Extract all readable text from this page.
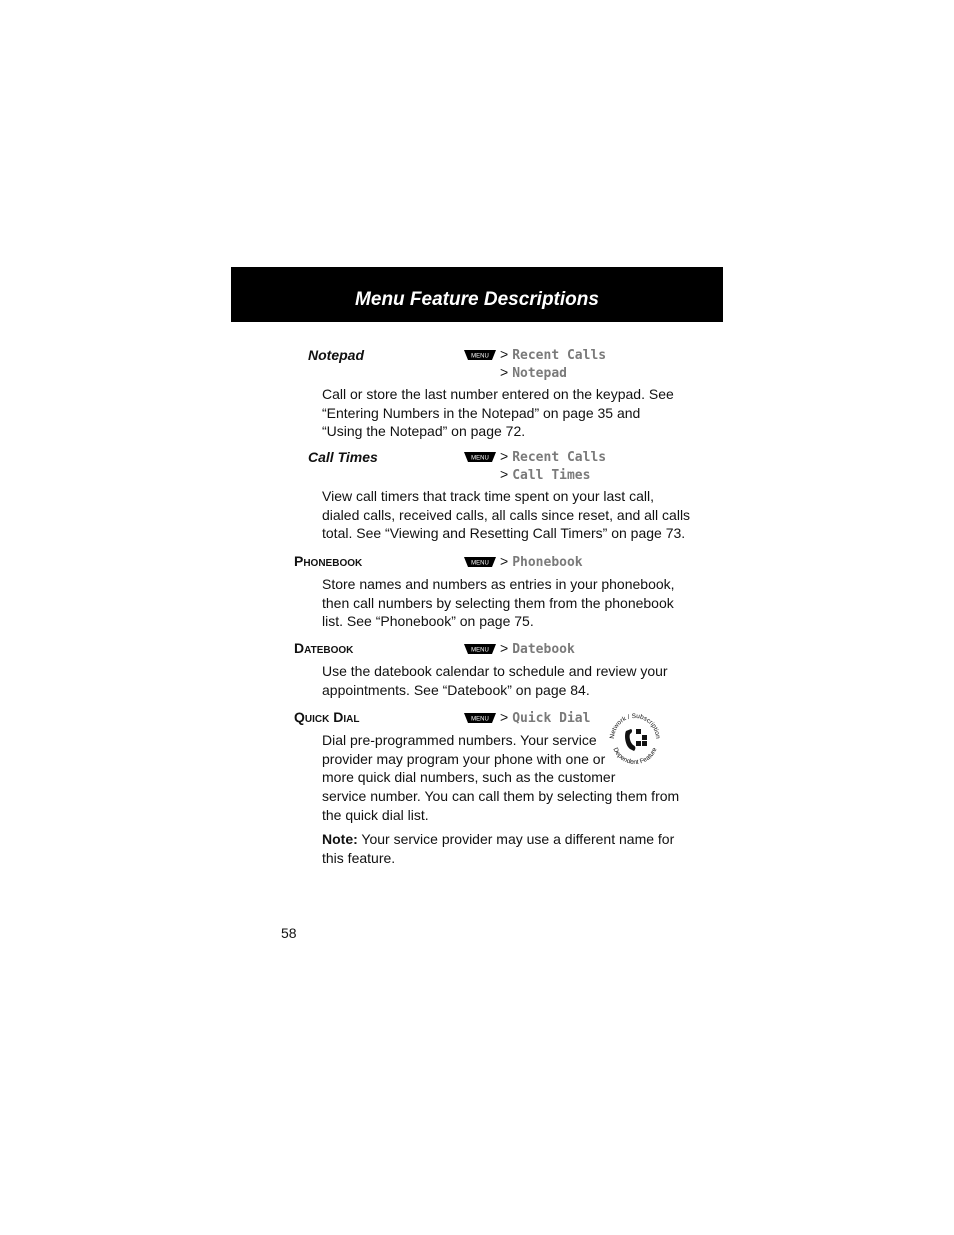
Menu Feature Descriptions
Notepad	MENU > Recent Calls
> Notepad

Call or store the last number entered on the keypad. See

“Entering Numbers in the Notepad” on page 35 and

“Using the Notepad” on page 72.

Call Times	MENU > Recent Calls
> Call Times

View call timers that track time spent on your last call,

dialed calls, received calls, all calls since reset, and all calls

total. See “Viewing and Resetting Call Timers” on page 73.

Phonebook	MENU > Phonebook

Store names and numbers as entries in your phonebook,

then call numbers by selecting them from the phonebook

list. See “Phonebook” on page 75.

Datebook	MENU > Datebook

Use the datebook calendar to schedule and review your

appointments. See “Datebook” on page 84.

Quick Dial	MENU > Quick Dial

Dial pre-programmed numbers. Your service

provider may program your phone with one or

more quick dial numbers, such as the customer

service number. You can call them by selecting them from

the quick dial list.

Network / Subscription
Dependent Feature

Note: Your service provider may use a different name for

this feature.

58
